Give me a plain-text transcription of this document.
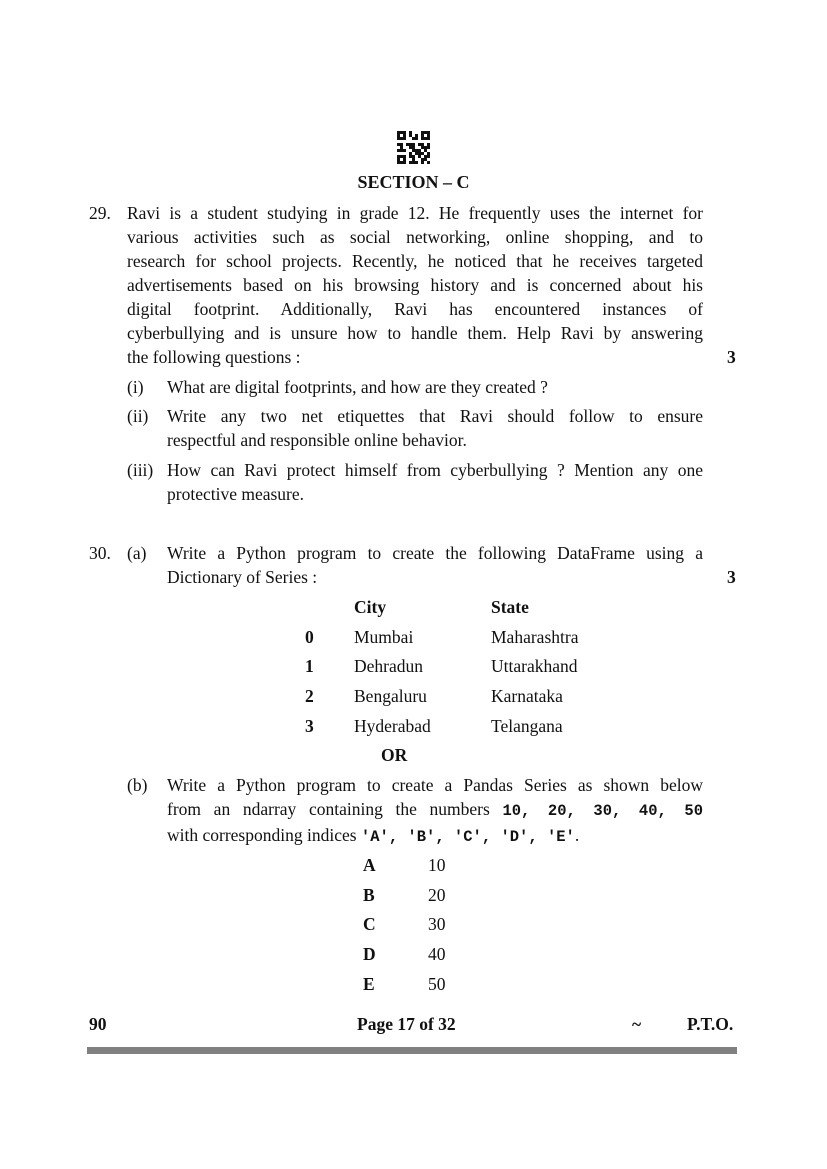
SECTION – C
29. Ravi is a student studying in grade 12. He frequently uses the internet for
various activities such as social networking, online shopping, and to
research for school projects. Recently, he noticed that he receives targeted
advertisements based on his browsing history and is concerned about his
digital footprint. Additionally, Ravi has encountered instances of
cyberbullying and is unsure how to handle them. Help Ravi by answering
the following questions :	3
(i) What are digital footprints, and how are they created ?
(ii) Write any two net etiquettes that Ravi should follow to ensure
respectful and responsible online behavior.
(iii) How can Ravi protect himself from cyberbullying ? Mention any one
protective measure.
30. (a) Write a Python program to create the following DataFrame using a
Dictionary of Series :	3
City	State
0 Mumbai	Maharashtra
1 Dehradun	Uttarakhand
2 Bengaluru	Karnataka
3 Hyderabad	Telangana
OR
(b) Write a Python program to create a Pandas Series as shown below
from an ndarray containing the numbers 10, 20, 30, 40, 50
with corresponding indices 'A', 'B', 'C', 'D', 'E'.
A	10
B	20
C	30
D	40
E	50
90	Page 17 of 32	~	P.T.O.
